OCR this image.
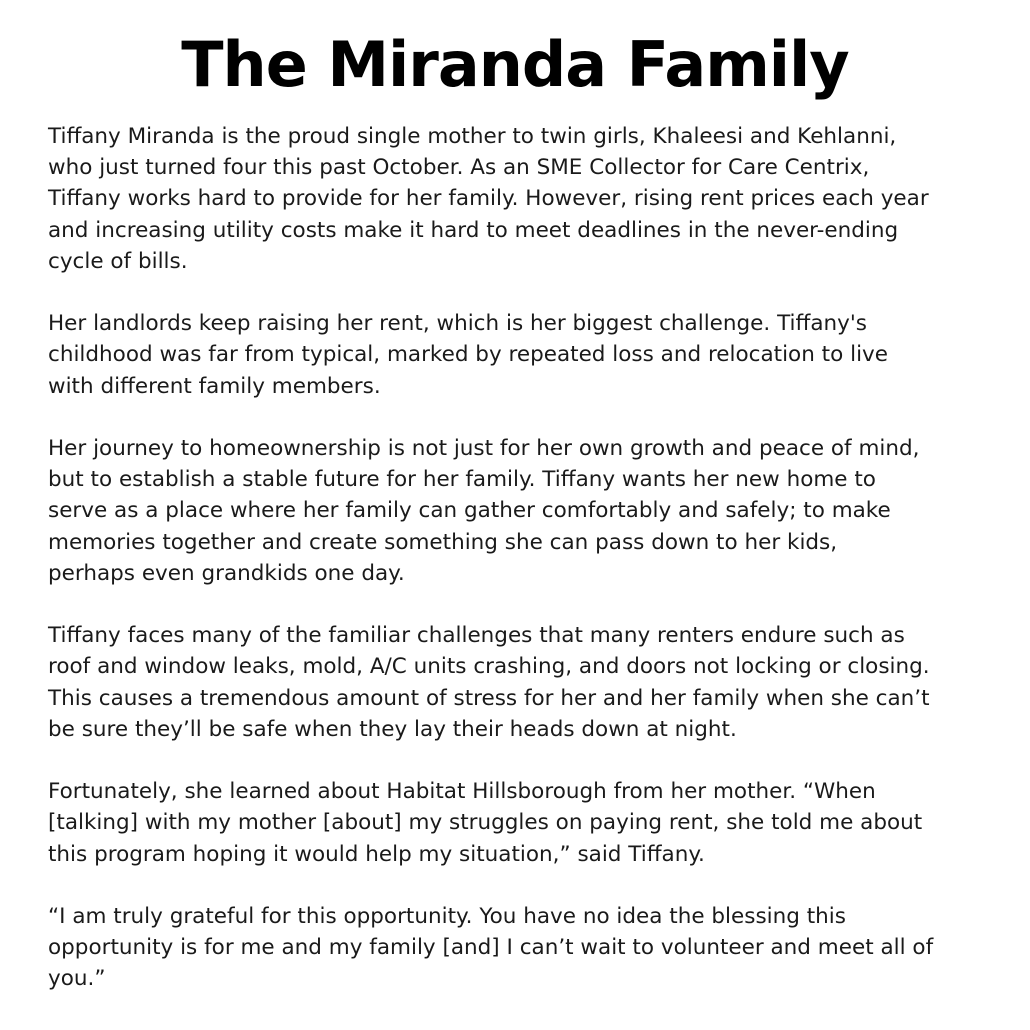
The Miranda Family

Tiffany Miranda is the proud single mother to twin girls, Khaleesi and Kehlanni,
who just turned four this past October. As an SME Collector for Care Centrix,
Tiffany works hard to provide for her family. However, rising rent prices each year
and increasing utility costs make it hard to meet deadlines in the never-ending
cycle of bills.

Her landlords keep raising her rent, which is her biggest challenge. Tiffany's
childhood was far from typical, marked by repeated loss and relocation to live
with different family members.

Her journey to homeownership is not just for her own growth and peace of mind,
but to establish a stable future for her family. Tiffany wants her new home to
serve as a place where her family can gather comfortably and safely; to make
memories together and create something she can pass down to her kids,
perhaps even grandkids one day.

Tiffany faces many of the familiar challenges that many renters endure such as
roof and window leaks, mold, A/C units crashing, and doors not locking or closing.
This causes a tremendous amount of stress for her and her family when she can’t
be sure they’ll be safe when they lay their heads down at night.

Fortunately, she learned about Habitat Hillsborough from her mother. “When
[talking] with my mother [about] my struggles on paying rent, she told me about
this program hoping it would help my situation,” said Tiffany.

“I am truly grateful for this opportunity. You have no idea the blessing this
opportunity is for me and my family [and] I can’t wait to volunteer and meet all of
you.”
